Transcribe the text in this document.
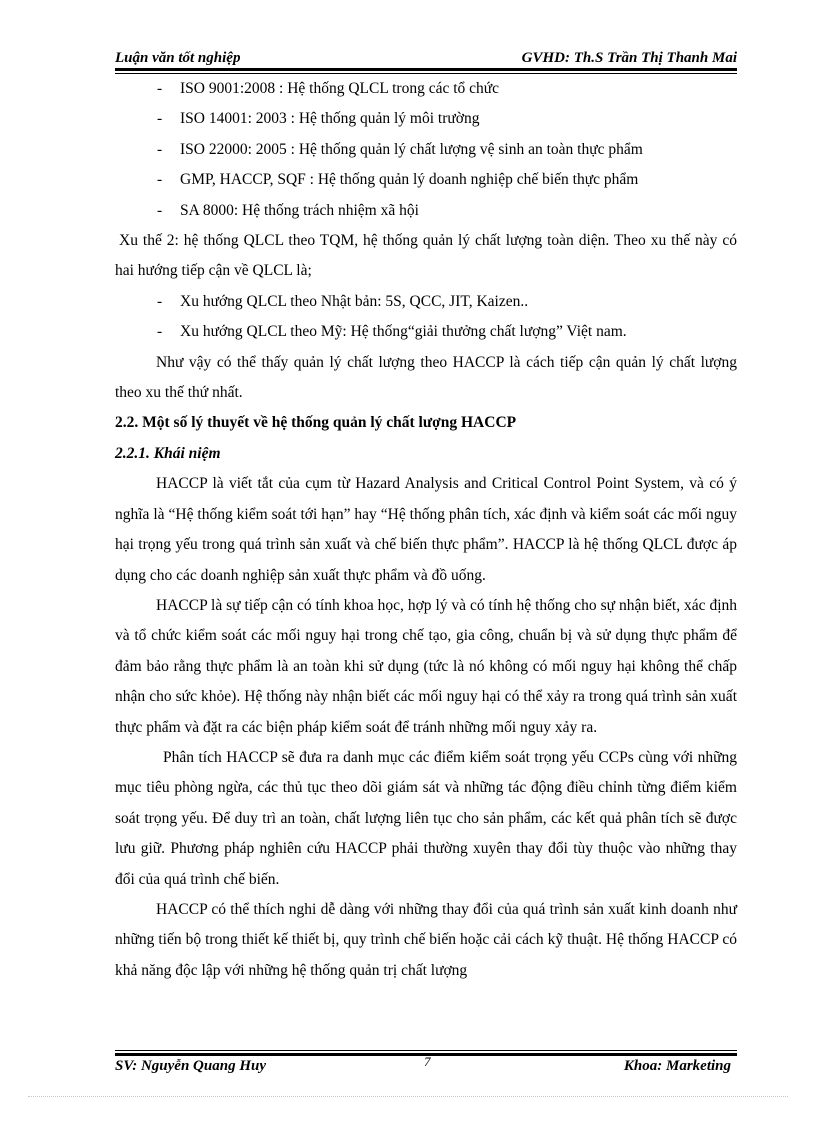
Luận văn tốt nghiệp	GVHD: Th.S Trần Thị Thanh Mai
-	ISO 9001:2008 : Hệ thống QLCL trong các tổ chức
-	ISO 14001: 2003 : Hệ thống quản lý môi trường
-	ISO 22000: 2005 : Hệ thống quản lý chất lượng vệ sinh an toàn thực phẩm
-	GMP, HACCP, SQF : Hệ thống quản lý doanh nghiệp chế biến thực phẩm
-	SA 8000: Hệ thống trách nhiệm xã hội

Xu thế 2: hệ thống QLCL theo TQM, hệ thống quản lý chất lượng toàn diện. Theo xu thế này có hai hướng tiếp cận về QLCL là;

-	Xu hướng QLCL theo Nhật bản: 5S, QCC, JIT, Kaizen..
-	Xu hướng QLCL theo Mỹ: Hệ thống“giải thưởng chất lượng” Việt nam.

Như vậy có thể thấy quản lý chất lượng theo HACCP là cách tiếp cận quản lý chất lượng theo xu thế thứ nhất.

2.2. Một số lý thuyết về hệ thống quản lý chất lượng HACCP

2.2.1. Khái niệm

HACCP là viết tắt của cụm từ Hazard Analysis and Critical Control Point System, và có ý nghĩa là “Hệ thống kiểm soát tới hạn” hay “Hệ thống phân tích, xác định và kiểm soát các mối nguy hại trọng yếu trong quá trình sản xuất và chế biến thực phẩm”. HACCP là hệ thống QLCL được áp dụng cho các doanh nghiệp sản xuất thực phẩm và đồ uống.

HACCP là sự tiếp cận có tính khoa học, hợp lý và có tính hệ thống cho sự nhận biết, xác định và tổ chức kiểm soát các mối nguy hại trong chế tạo, gia công, chuẩn bị và sử dụng thực phẩm để đảm bảo rằng thực phẩm là an toàn khi sử dụng (tức là nó không có mối nguy hại không thể chấp nhận cho sức khỏe). Hệ thống này nhận biết các mối nguy hại có thể xảy ra trong quá trình sản xuất thực phẩm và đặt ra các biện pháp kiểm soát để tránh những mối nguy xảy ra.

Phân tích HACCP sẽ đưa ra danh mục các điểm kiểm soát trọng yếu CCPs cùng với những mục tiêu phòng ngừa, các thủ tục theo dõi giám sát và những tác động điều chỉnh từng điểm kiểm soát trọng yếu. Để duy trì an toàn, chất lượng liên tục cho sản phẩm, các kết quả phân tích sẽ được lưu giữ. Phương pháp nghiên cứu HACCP phải thường xuyên thay đổi tùy thuộc vào những thay đổi của quá trình chế biến.

HACCP có thể thích nghi dễ dàng với những thay đổi của quá trình sản xuất kinh doanh như những tiến bộ trong thiết kế thiết bị, quy trình chế biến hoặc cải cách kỹ thuật. Hệ thống HACCP có khả năng độc lập với những hệ thống quản trị chất lượng

7
SV: Nguyễn Quang Huy	Khoa: Marketing
